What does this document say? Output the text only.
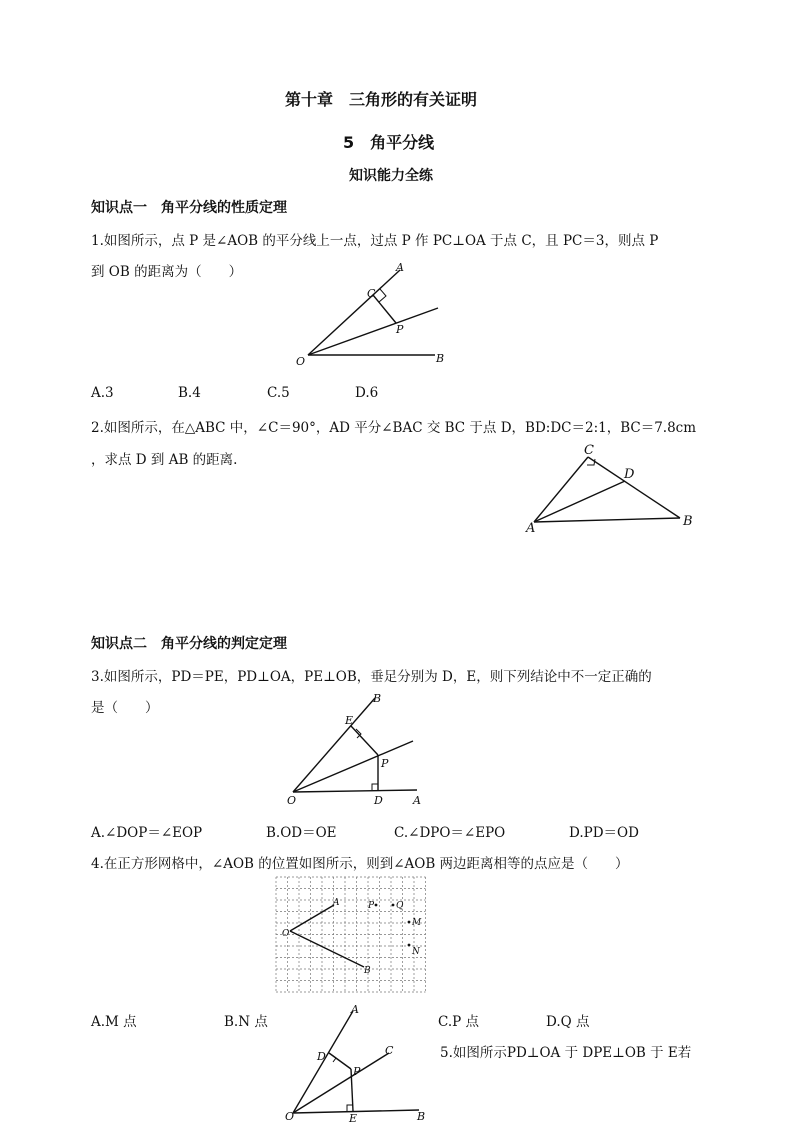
第十章　三角形的有关证明
5　角平分线
知识能力全练
知识点一　角平分线的性质定理
1.如图所示，点 P 是∠AOB 的平分线上一点，过点 P 作 PC⊥OA 于点 C，且 PC＝3，则点 P
到 OB 的距离为（　　）	A
C
P
O	B
A.3	B.4	C.5	D.6
2.如图所示，在△ABC 中，∠C＝90°，AD 平分∠BAC 交 BC 于点 D，BD:DC＝2:1，BC＝7.8cm
，求点 D 到 AB 的距离.
C
D
A	B
知识点二　角平分线的判定定理
3.如图所示，PD＝PE，PD⊥OA，PE⊥OB，垂足分别为 D，E，则下列结论中不一定正确的
是（　　）
B
E
P
O	D	A
A.∠DOP＝∠EOP	B.OD＝OE	C.∠DPO＝∠EPO	D.PD＝OD
4.在正方形网格中，∠AOB 的位置如图所示，则到∠AOB 两边距离相等的点应是（　　）
A
O
B
P Q
M
N
A.M 点	B.N 点	C.P 点	D.Q 点
5.如图所示PD⊥OA 于 DPE⊥OB 于 E若
A
D	C
P
O	E	B
